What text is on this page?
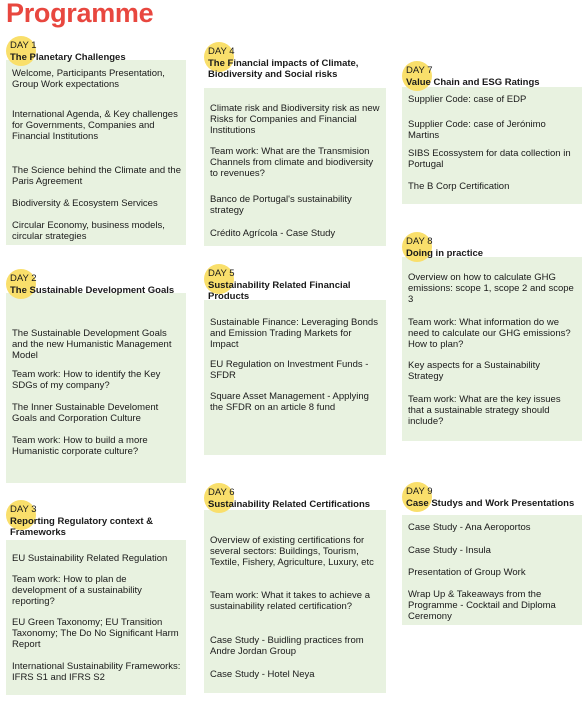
Programme
Welcome, Participants Presentation, Group Work expectations
International Agenda, & Key challenges for Governments, Companies and Financial Institutions
The Science behind the Climate and the Paris Agreement
Biodiversity & Ecosystem Services
Circular Economy, business models, circular strategies
DAY 1
The Planetary Challenges
The Sustainable Development Goals and the new Humanistic Management Model
Team work: How to identify the Key SDGs of my company?
The Inner Sustainable Develoment Goals and Corporation Culture
Team work: How to build a more Humanistic corporate culture?
DAY 2
The Sustainable Development Goals
EU Sustainability Related Regulation
Team work: How to plan de development of a sustainability reporting?
EU Green Taxonomy; EU Transition Taxonomy; The Do No Significant Harm Report
International Sustainability Frameworks: IFRS S1 and IFRS S2
DAY 3
Reporting Regulatory context & Frameworks
Climate risk and Biodiversity risk as new Risks for Companies and Financial Institutions
Team work: What are the Transmision Channels from climate and biodiversity to revenues?
Banco de Portugal's sustainability strategy
Crédito Agrícola - Case Study
DAY 4
The Financial impacts of Climate, Biodiversity and Social risks
Sustainable Finance: Leveraging Bonds and Emission Trading Markets for Impact
EU Regulation on Investment Funds - SFDR
Square Asset Management - Applying the SFDR on an article 8 fund
DAY 5
Sustainability Related Financial Products
Overview of existing certifications for several sectors: Buildings, Tourism, Textile, Fishery, Agriculture, Luxury, etc
Team work: What it takes to achieve a sustainability related certification?
Case Study - Buidling practices from Andre Jordan Group
Case Study - Hotel Neya
DAY 6
Sustainability Related Certifications
Supplier Code: case of EDP
Supplier Code: case of Jerónimo Martins
SIBS Ecossystem for data collection in Portugal
The B Corp Certification
DAY 7
Value Chain and ESG Ratings
Overview on how to calculate GHG emissions: scope 1, scope 2 and scope 3
Team work: What information do we need to calculate our GHG emissions? How to plan?
Key aspects for a Sustainability Strategy
Team work: What are the key issues that a sustainable strategy should include?
DAY 8
Doing in practice
Case Study - Ana Aeroportos
Case Study - Insula
Presentation of Group Work
Wrap Up & Takeaways from the Programme - Cocktail and Diploma Ceremony
DAY 9
Case Studys and Work Presentations
